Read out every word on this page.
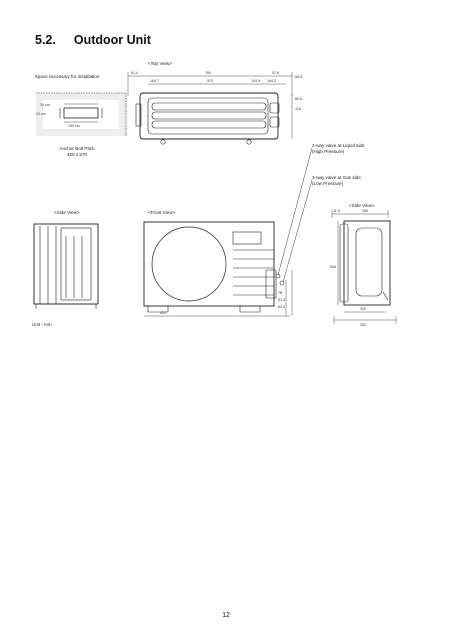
5.2. Outdoor Unit
91.4	780	57.6
164.7	570	104.9 164.3
55.5
80.6
115
11.5	289
540
320
352
422
78
51.4
63.4
10 cm
10 cm
100 cm
<Top View>
Space necessary for installation
Anchor Bolt Pitch
320 x 570
2-way valve at Liquid side
(High Pressure)
3-way valve at Gas side
(Low Pressure)
<Side View>	<Front View>
<Side View>
Unit : mm
12
